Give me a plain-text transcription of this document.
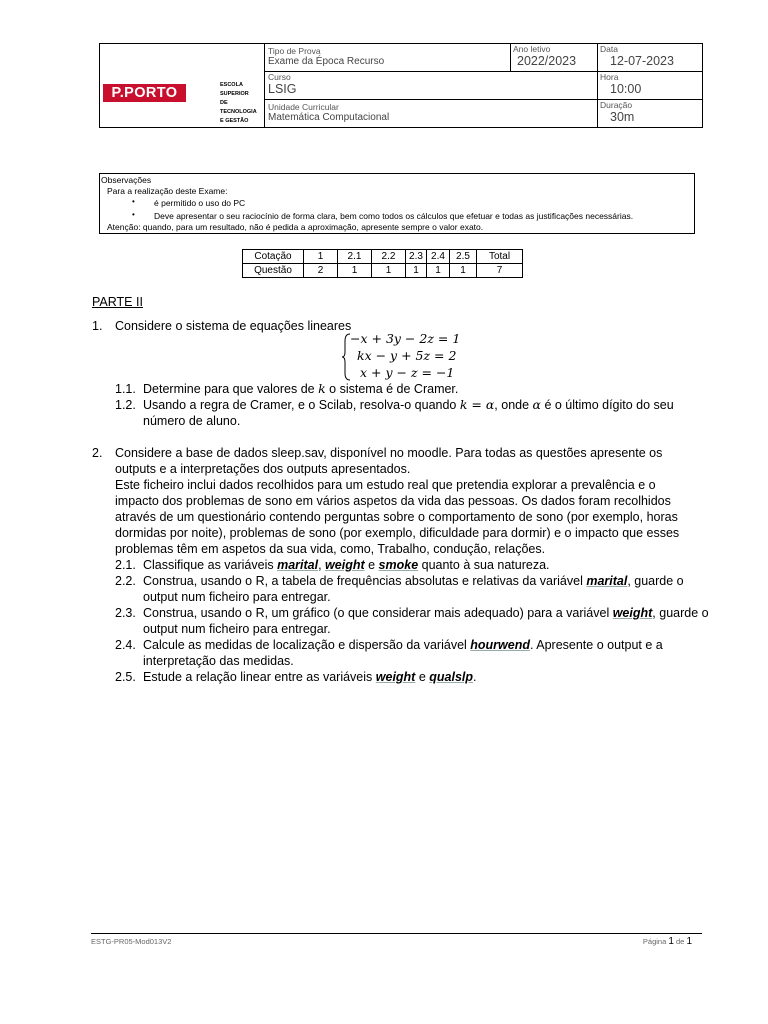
P.PORTO	ESCOLA
SUPERIOR
DE TECNOLOGIA
E GESTÃO
Tipo de Prova
Exame da Época Recurso
Ano letivo
2022/2023
Data
12-07-2023
Curso
LSIG
Hora
10:00
Unidade Curricular
Matemática Computacional
Duração
30m
Observações
Para a realização deste Exame:
• é permitido o uso do PC
• Deve apresentar o seu raciocínio de forma clara, bem como todos os cálculos que efetuar e todas as justificações necessárias.
Atenção: quando, para um resultado, não é pedida a aproximação, apresente sempre o valor exato.
Cotação	1	2.1	2.2	2.3	2.4	2.5	Total
Questão	2	1	1	1	1	1	7
PARTE II
1. Considere o sistema de equações lineares
−x + 3y − 2z = 1
kx − y + 5z = 2
x + y − z = −1
1.1. Determine para que valores de k o sistema é de Cramer.
1.2. Usando a regra de Cramer, e o Scilab, resolva-o quando k = α, onde α é o último dígito do seu
número de aluno.
2. Considere a base de dados sleep.sav, disponível no moodle. Para todas as questões apresente os
outputs e a interpretações dos outputs apresentados.
Este ficheiro inclui dados recolhidos para um estudo real que pretendia explorar a prevalência e o
impacto dos problemas de sono em vários aspetos da vida das pessoas. Os dados foram recolhidos
através de um questionário contendo perguntas sobre o comportamento de sono (por exemplo, horas
dormidas por noite), problemas de sono (por exemplo, dificuldade para dormir) e o impacto que esses
problemas têm em aspetos da sua vida, como, Trabalho, condução, relações.
2.1. Classifique as variáveis marital, weight e smoke quanto à sua natureza.
2.2. Construa, usando o R, a tabela de frequências absolutas e relativas da variável marital, guarde o
output num ficheiro para entregar.
2.3. Construa, usando o R, um gráfico (o que considerar mais adequado) para a variável weight, guarde o
output num ficheiro para entregar.
2.4. Calcule as medidas de localização e dispersão da variável hourwend. Apresente o output e a
interpretação das medidas.
2.5. Estude a relação linear entre as variáveis weight e qualslp.
ESTG-PR05-Mod013V2	Página 1 de 1
